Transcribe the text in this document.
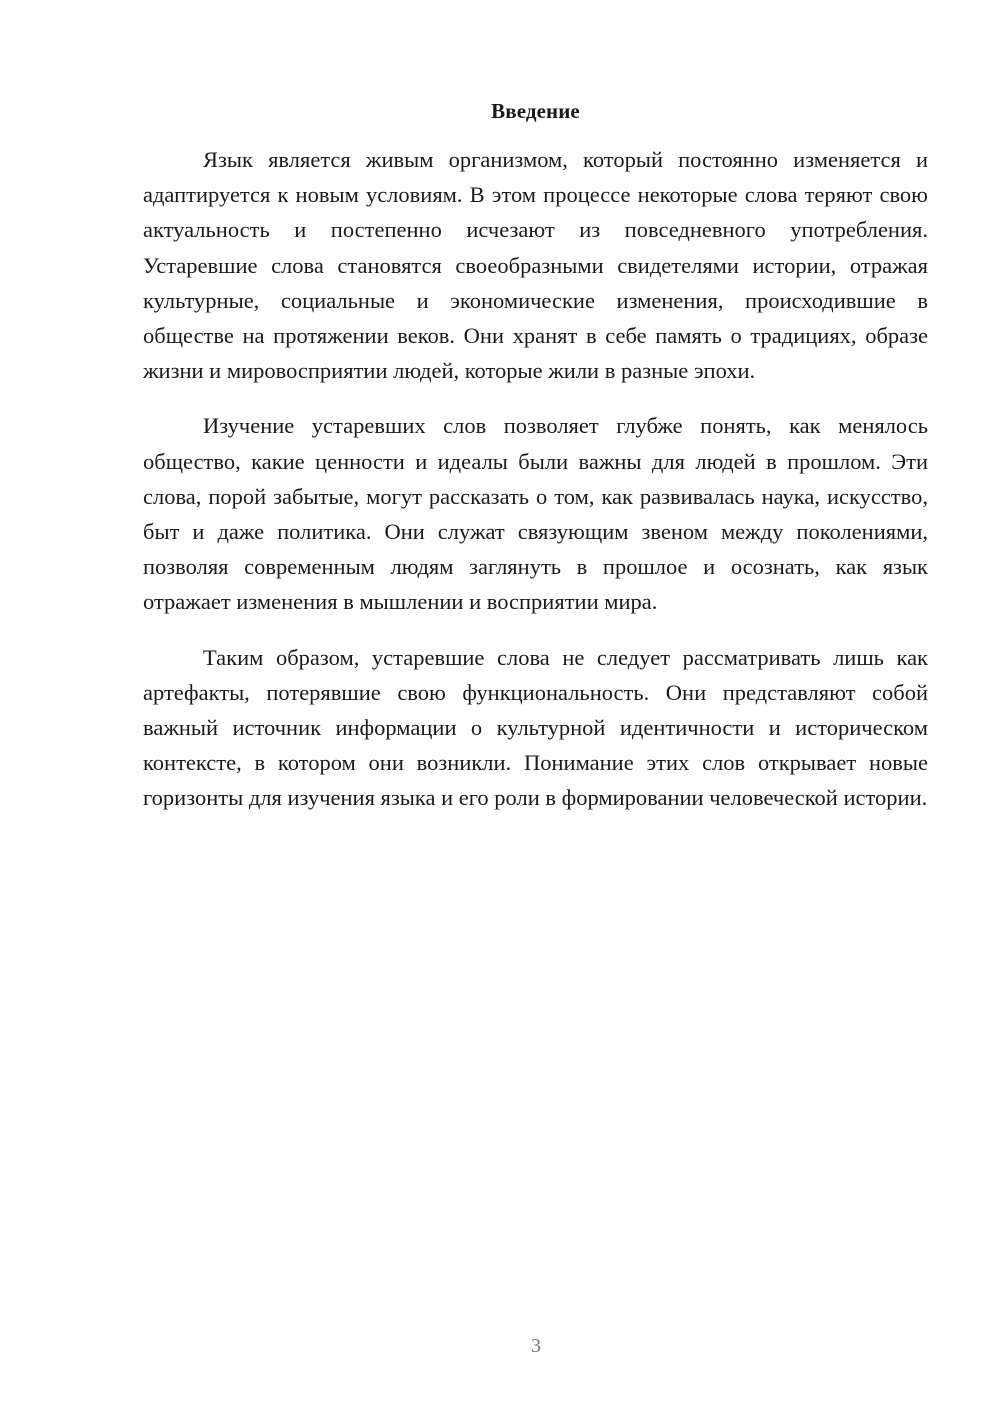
Введение

Язык является живым организмом, который постоянно изменяется и адаптируется к новым условиям. В этом процессе некоторые слова теряют свою актуальность и постепенно исчезают из повседневного употребления. Устаревшие слова становятся своеобразными свидетелями истории, отражая культурные, социальные и экономические изменения, происходившие в обществе на протяжении веков. Они хранят в себе память о традициях, образе жизни и мировосприятии людей, которые жили в разные эпохи.

Изучение устаревших слов позволяет глубже понять, как менялось общество, какие ценности и идеалы были важны для людей в прошлом. Эти слова, порой забытые, могут рассказать о том, как развивалась наука, искусство, быт и даже политика. Они служат связующим звеном между поколениями, позволяя современным людям заглянуть в прошлое и осознать, как язык отражает изменения в мышлении и восприятии мира.

Таким образом, устаревшие слова не следует рассматривать лишь как артефакты, потерявшие свою функциональность. Они представляют собой важный источник информации о культурной идентичности и историческом контексте, в котором они возникли. Понимание этих слов открывает новые горизонты для изучения языка и его роли в формировании человеческой истории.

3
